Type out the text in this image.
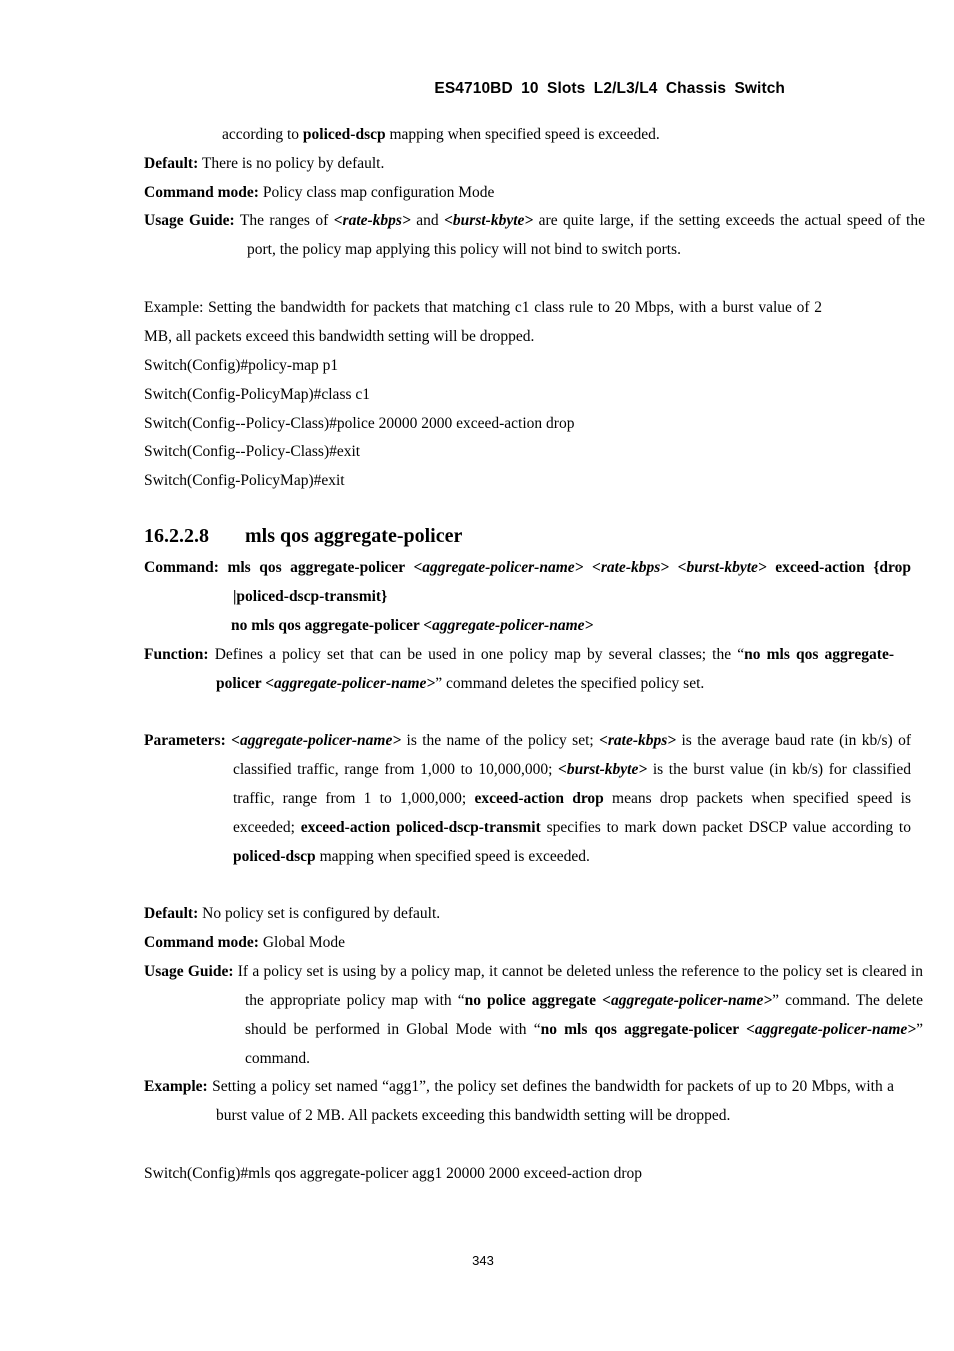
ES4710BD 10 Slots L2/L3/L4 Chassis Switch

according to policed-dscp mapping when specified speed is exceeded.

Default: There is no policy by default.

Command mode: Policy class map configuration Mode

Usage Guide: The ranges of <rate-kbps> and <burst-kbyte> are quite large, if the setting exceeds the actual speed of the port, the policy map applying this policy will not bind to switch ports.

Example: Setting the bandwidth for packets that matching c1 class rule to 20 Mbps, with a burst value of 2 MB, all packets exceed this bandwidth setting will be dropped.

Switch(Config)#policy-map p1

Switch(Config-PolicyMap)#class c1

Switch(Config--Policy-Class)#police 20000 2000 exceed-action drop

Switch(Config--Policy-Class)#exit

Switch(Config-PolicyMap)#exit

16.2.2.8 mls qos aggregate-policer

Command: mls qos aggregate-policer <aggregate-policer-name> <rate-kbps> <burst-kbyte> exceed-action {drop |policed-dscp-transmit}

no mls qos aggregate-policer <aggregate-policer-name>

Function: Defines a policy set that can be used in one policy map by several classes; the “no mls qos aggregate-policer <aggregate-policer-name>” command deletes the specified policy set.

Parameters: <aggregate-policer-name> is the name of the policy set; <rate-kbps> is the average baud rate (in kb/s) of classified traffic, range from 1,000 to 10,000,000; <burst-kbyte> is the burst value (in kb/s) for classified traffic, range from 1 to 1,000,000; exceed-action drop means drop packets when specified speed is exceeded; exceed-action policed-dscp-transmit specifies to mark down packet DSCP value according to policed-dscp mapping when specified speed is exceeded.

Default: No policy set is configured by default.

Command mode: Global Mode

Usage Guide: If a policy set is using by a policy map, it cannot be deleted unless the reference to the policy set is cleared in the appropriate policy map with “no police aggregate <aggregate-policer-name>” command. The delete should be performed in Global Mode with “no mls qos aggregate-policer <aggregate-policer-name>” command.

Example: Setting a policy set named “agg1”, the policy set defines the bandwidth for packets of up to 20 Mbps, with a burst value of 2 MB. All packets exceeding this bandwidth setting will be dropped.

Switch(Config)#mls qos aggregate-policer agg1 20000 2000 exceed-action drop

343
